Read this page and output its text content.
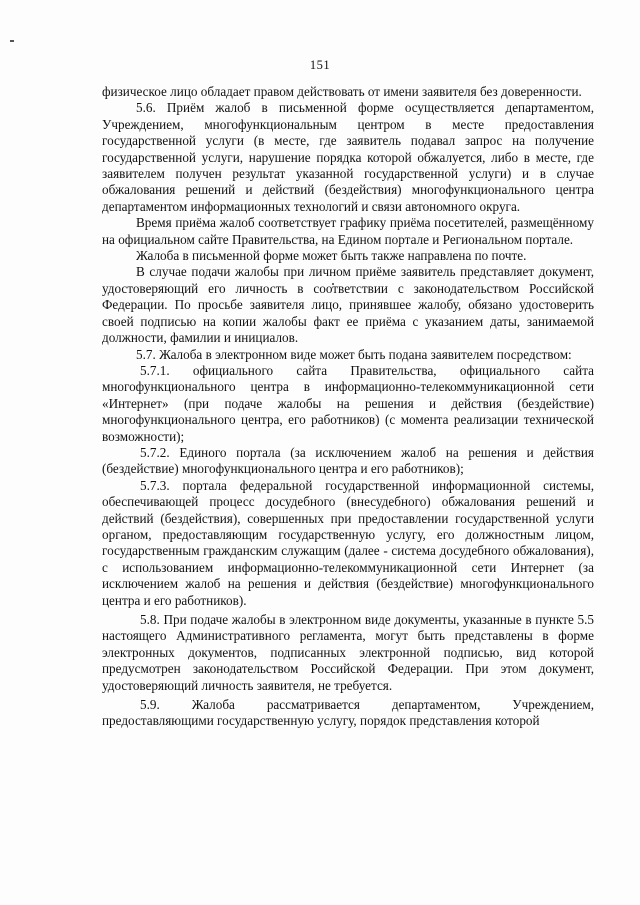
151

физическое лицо обладает правом действовать от имени заявителя без доверенности.

5.6. Приём жалоб в письменной форме осуществляется департаментом, Учреждением, многофункциональным центром в месте предоставления государственной услуги (в месте, где заявитель подавал запрос на получение государственной услуги, нарушение порядка которой обжалуется, либо в месте, где заявителем получен результат указанной государственной услуги) и в случае обжалования решений и действий (бездействия) многофункционального центра департаментом информационных технологий и связи автономного округа.

Время приёма жалоб соответствует графику приёма посетителей, размещённому на официальном сайте Правительства, на Едином портале и Региональном портале.

Жалоба в письменной форме может быть также направлена по почте.

В случае подачи жалобы при личном приёме заявитель представляет документ, удостоверяющий его личность в соответствии с законодательством Российской Федерации. По просьбе заявителя лицо, принявшее жалобу, обязано удостоверить своей подписью на копии жалобы факт ее приёма с указанием даты, занимаемой должности, фамилии и инициалов.

5.7. Жалоба в электронном виде может быть подана заявителем посредством:

5.7.1. официального сайта Правительства, официального сайта многофункционального центра в информационно-телекоммуникационной сети «Интернет» (при подаче жалобы на решения и действия (бездействие) многофункционального центра, его работников) (с момента реализации технической возможности);

5.7.2. Единого портала (за исключением жалоб на решения и действия (бездействие) многофункционального центра и его работников);

5.7.3. портала федеральной государственной информационной системы, обеспечивающей процесс досудебного (внесудебного) обжалования решений и действий (бездействия), совершенных при предоставлении государственной услуги органом, предоставляющим государственную услугу, его должностным лицом, государственным гражданским служащим (далее - система досудебного обжалования), с использованием информационно-телекоммуникационной сети Интернет (за исключением жалоб на решения и действия (бездействие) многофункционального центра и его работников).

5.8. При подаче жалобы в электронном виде документы, указанные в пункте 5.5 настоящего Административного регламента, могут быть представлены в форме электронных документов, подписанных электронной подписью, вид которой предусмотрен законодательством Российской Федерации. При этом документ, удостоверяющий личность заявителя, не требуется.

5.9. Жалоба рассматривается департаментом, Учреждением, предоставляющими государственную услугу, порядок представления которой
